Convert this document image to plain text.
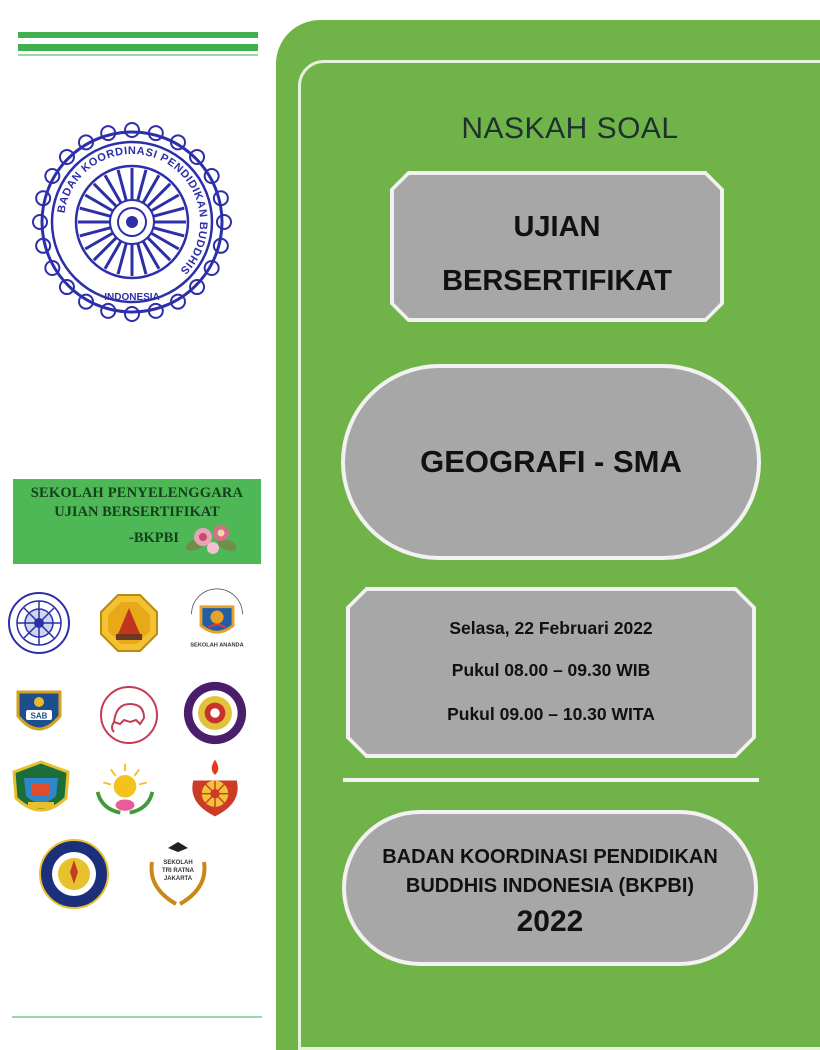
BADAN KOORDINASI PENDIDIKAN BUDDHIS
INDONESIA
SEKOLAH PENYELENGGARA
UJIAN BERSERTIFIKAT
-BKPBI
SEKOLAH ANANDA
SAB
SEKOLAH
TRI RATNA
JAKARTA
NASKAH SOAL
UJIAN
BERSERTIFIKAT
GEOGRAFI - SMA
Selasa, 22 Februari 2022
Pukul 08.00 – 09.30 WIB
Pukul 09.00 – 10.30 WITA
BADAN KOORDINASI PENDIDIKAN
BUDDHIS INDONESIA (BKPBI)
2022
